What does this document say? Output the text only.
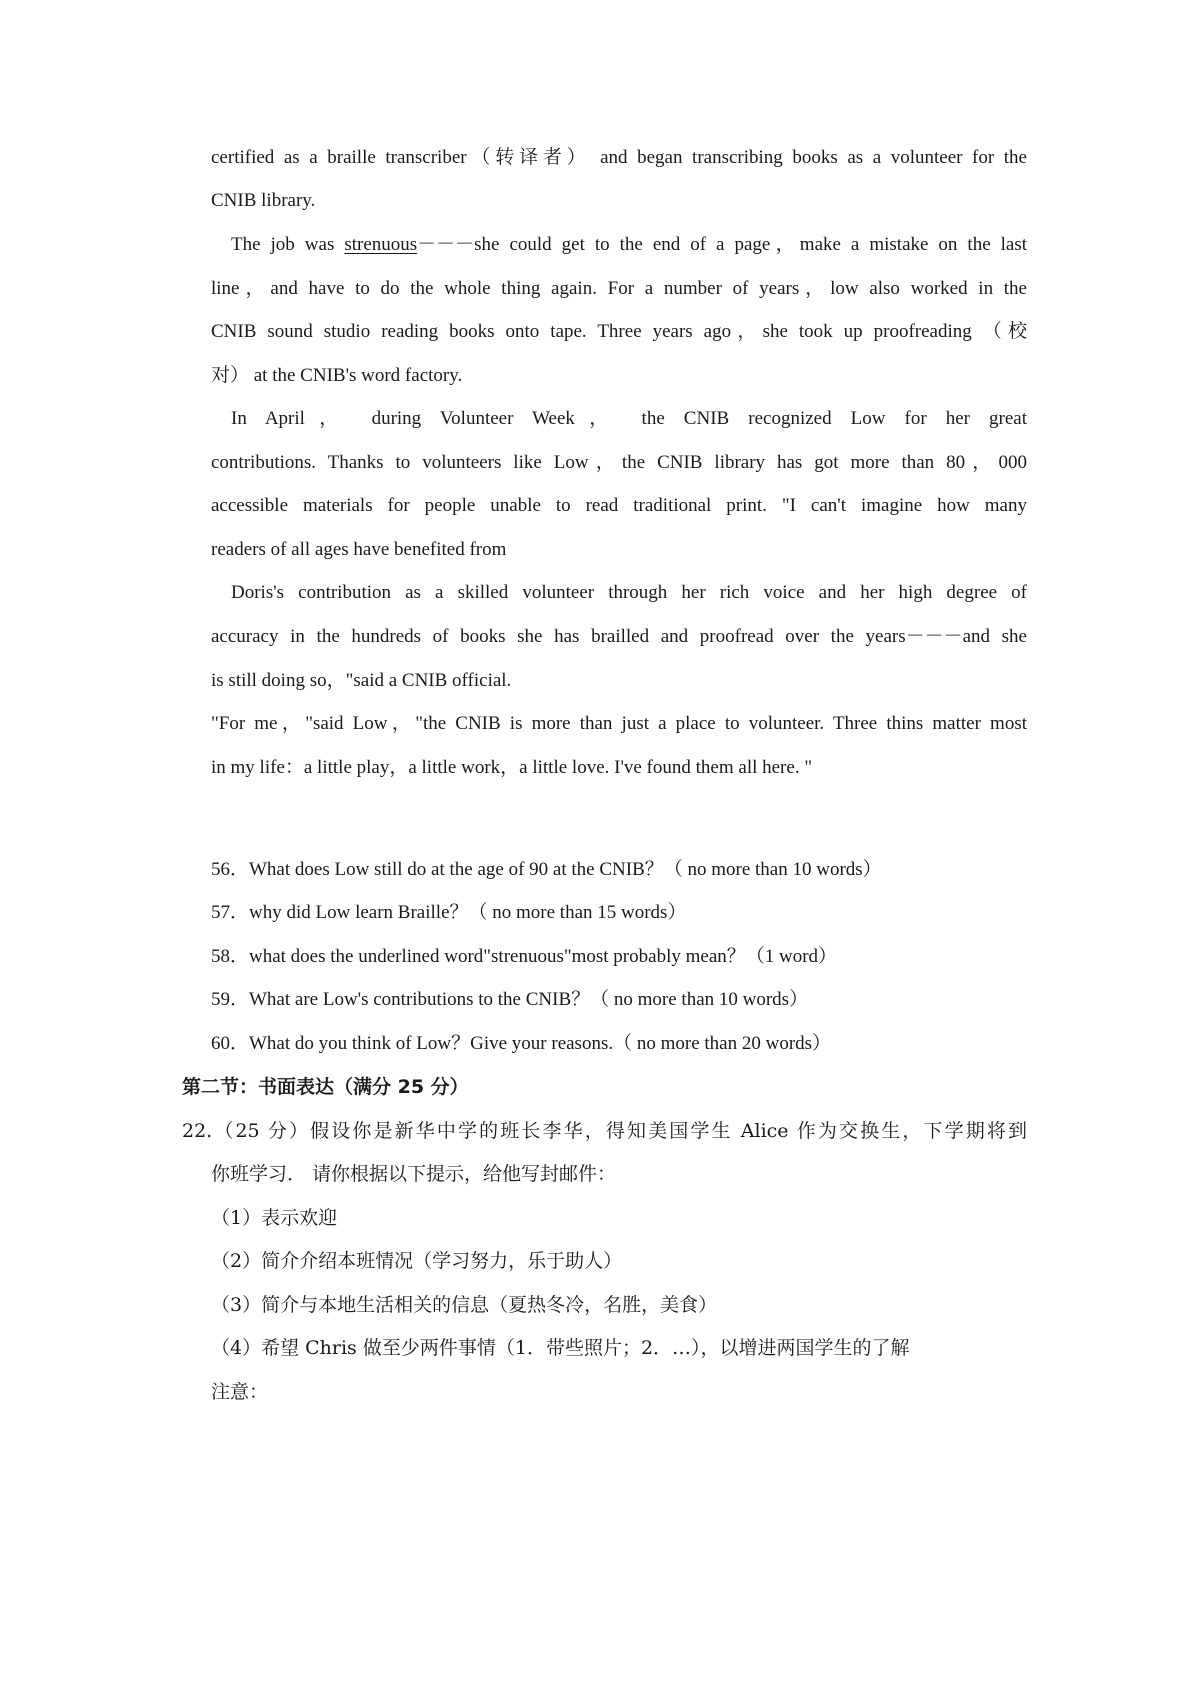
certified as a braille transcriber（转译者） and began transcribing books as a volunteer for the
CNIB library.
The job was strenuous－－－she could get to the end of a page，make a mistake on the last
line，and have to do the whole thing again. For a number of years，low also worked in the
CNIB sound studio reading books onto tape. Three years ago，she took up proofreading （校
对） at the CNIB's word factory.
In April， during Volunteer Week， the CNIB recognized Low for her great
contributions. Thanks to volunteers like Low，the CNIB library has got more than 80，000
accessible materials for people unable to read traditional print. "I can't imagine how many
readers of all ages have benefited from
Doris's contribution as a skilled volunteer through her rich voice and her high degree of
accuracy in the hundreds of books she has brailled and proofread over the years－－－and she
is still doing so，"said a CNIB official.
"For me，"said Low，"the CNIB is more than just a place to volunteer. Three thins matter most
in my life：a little play，a little work，a little love. I've found them all here. "
56．What does Low still do at the age of 90 at the CNIB？（ no more than 10 words）
57．why did Low learn Braille？（ no more than 15 words）
58．what does the underlined word"strenuous"most probably mean？（1 word）
59．What are Low's contributions to the CNIB？（ no more than 10 words）
60．What do you think of Low？Give your reasons.（ no more than 20 words）
第二节：书面表达（满分 25 分）
22.（25 分）假设你是新华中学的班长李华，得知美国学生 Alice 作为交换生，下学期将到
你班学习． 请你根据以下提示，给他写封邮件：
（1）表示欢迎
（2）简介介绍本班情况（学习努力，乐于助人）
（3）简介与本地生活相关的信息（夏热冬冷，名胜，美食）
（4）希望 Chris 做至少两件事情（1．带些照片；2．…），以增进两国学生的了解
注意：
